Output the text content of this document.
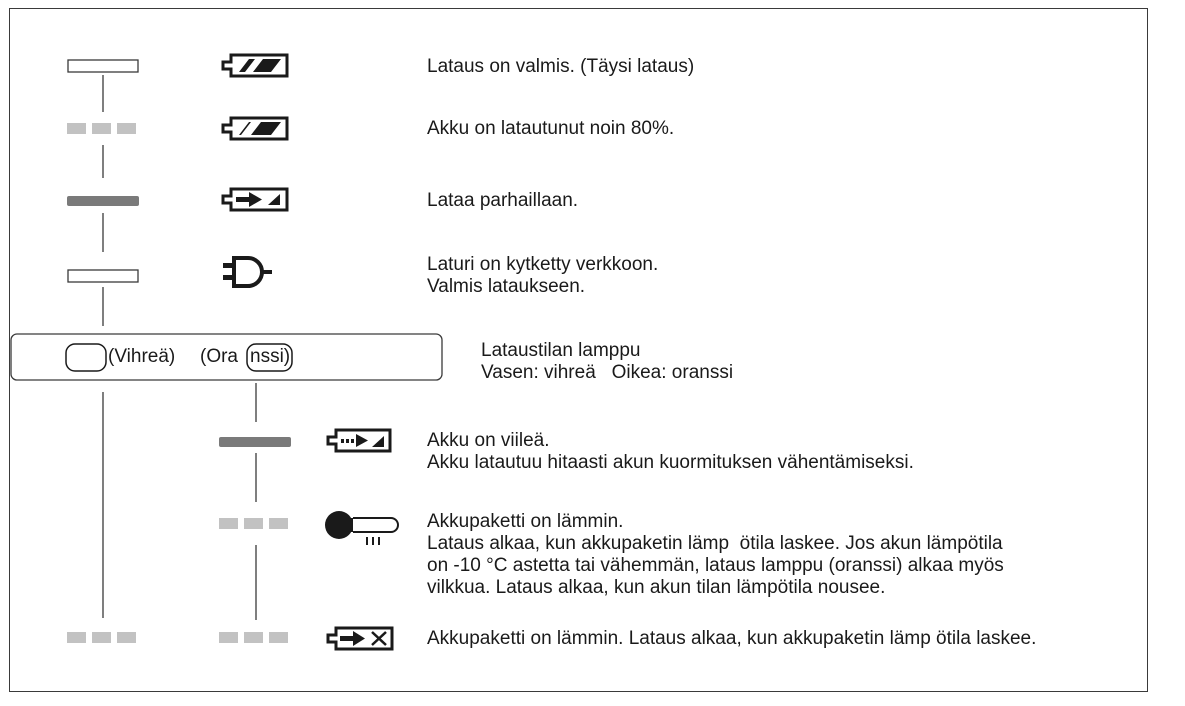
(Vihreä) (Ora nssi)
Lataus on valmis. (Täysi lataus)
Akku on latautunut noin 80%.
Lataa parhaillaan.
Laturi on kytketty verkkoon.
Valmis lataukseen.
Lataustilan lamppu
Vasen: vihreä   Oikea: oranssi
Akku on viileä.
Akku latautuu hitaasti akun kuormituksen vähentämiseksi.
Akkupaketti on lämmin.
Lataus alkaa, kun akkupaketin lämp  ötila laskee. Jos akun lämpötila
on -10 °C astetta tai vähemmän, lataus lamppu (oranssi) alkaa myös
vilkkua. Lataus alkaa, kun akun tilan lämpötila nousee.
Akkupaketti on lämmin. Lataus alkaa, kun akkupaketin lämp ötila laskee.
